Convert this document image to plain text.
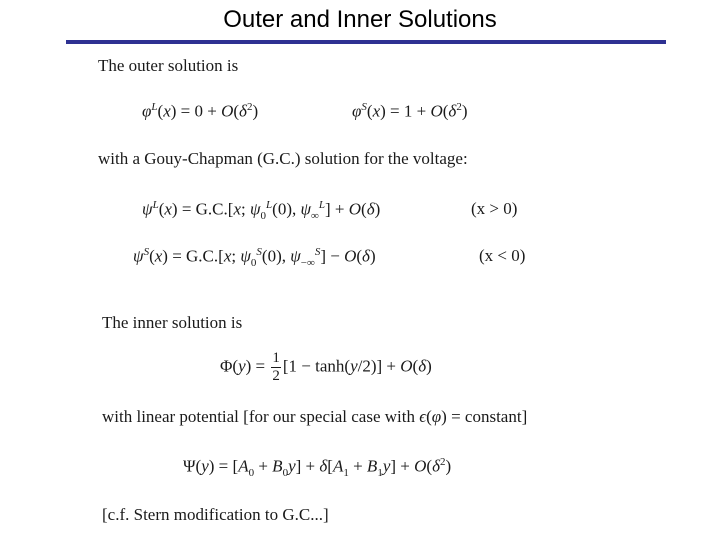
Outer and Inner Solutions
The outer solution is
$\varphi^L(x) = 0 + O(\delta^2)$	$\varphi^S(x) = 1 + O(\delta^2)$
with a Gouy-Chapman (G.C.) solution for the voltage:
$\psi^L(x) = G.C.[x$; $\psi_0^L(0)$, $\psi_\infty^L] + O(\delta)$	(x > 0)
$\psi^S(x) = G.C.[x$; $\psi_0^S(0)$, $\psi_{-\infty}^S] - O(\delta)$	(x < 0)
The inner solution is
$\Phi(y) = \frac{1}{2} [1 - \tanh(y/2)] + O(\delta)$
with linear potential [for our special case with ϵ(φ) = constant]
$\Psi(y) = [A_0 + B_0y] + \delta[A_1 + B_1y] + O(\delta^2)$
[c.f. Stern modification to G.C...]
